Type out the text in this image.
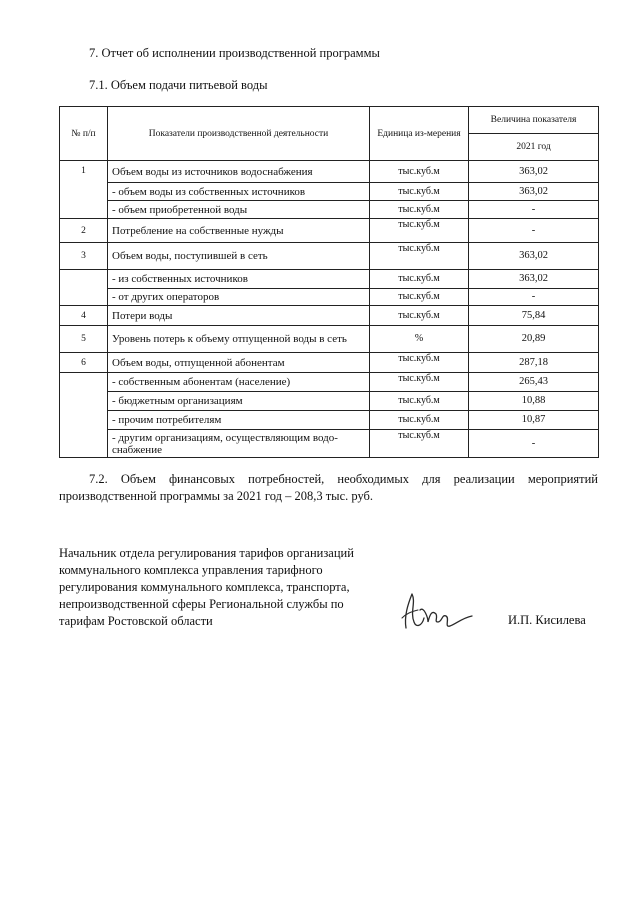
7. Отчет об исполнении производственной программы
7.1. Объем подачи питьевой воды
№ п/п	Показатели производственной деятельности	Единица из-мерения	Величина показателя
			2021 год
1	Объем воды из источников водоснабжения	тыс.куб.м	363,02
	- объем воды из собственных источников	тыс.куб.м	363,02
	- объем приобретенной воды	тыс.куб.м	-
2	Потребление на собственные нужды	тыс.куб.м	-
3	Объем воды, поступившей в сеть	тыс.куб.м	363,02
	- из собственных источников	тыс.куб.м	363,02
	- от других операторов	тыс.куб.м	-
4	Потери воды	тыс.куб.м	75,84
5	Уровень потерь к объему отпущенной воды в сеть	%	20,89
6	Объем воды, отпущенной абонентам	тыс.куб.м	287,18
	- собственным абонентам (население)	тыс.куб.м	265,43
	- бюджетным организациям	тыс.куб.м	10,88
	- прочим потребителям	тыс.куб.м	10,87
	- другим организациям, осуществляющим водо-снабжение	тыс.куб.м	-

7.2. Объем финансовых потребностей, необходимых для реализации мероприятий производственной программы за 2021 год – 208,3 тыс. руб.

Начальник отдела регулирования тарифов организаций коммунального комплекса управления тарифного регулирования коммунального комплекса, транспорта, непроизводственной сферы Региональной службы по тарифам Ростовской области	И.П. Кисилева
